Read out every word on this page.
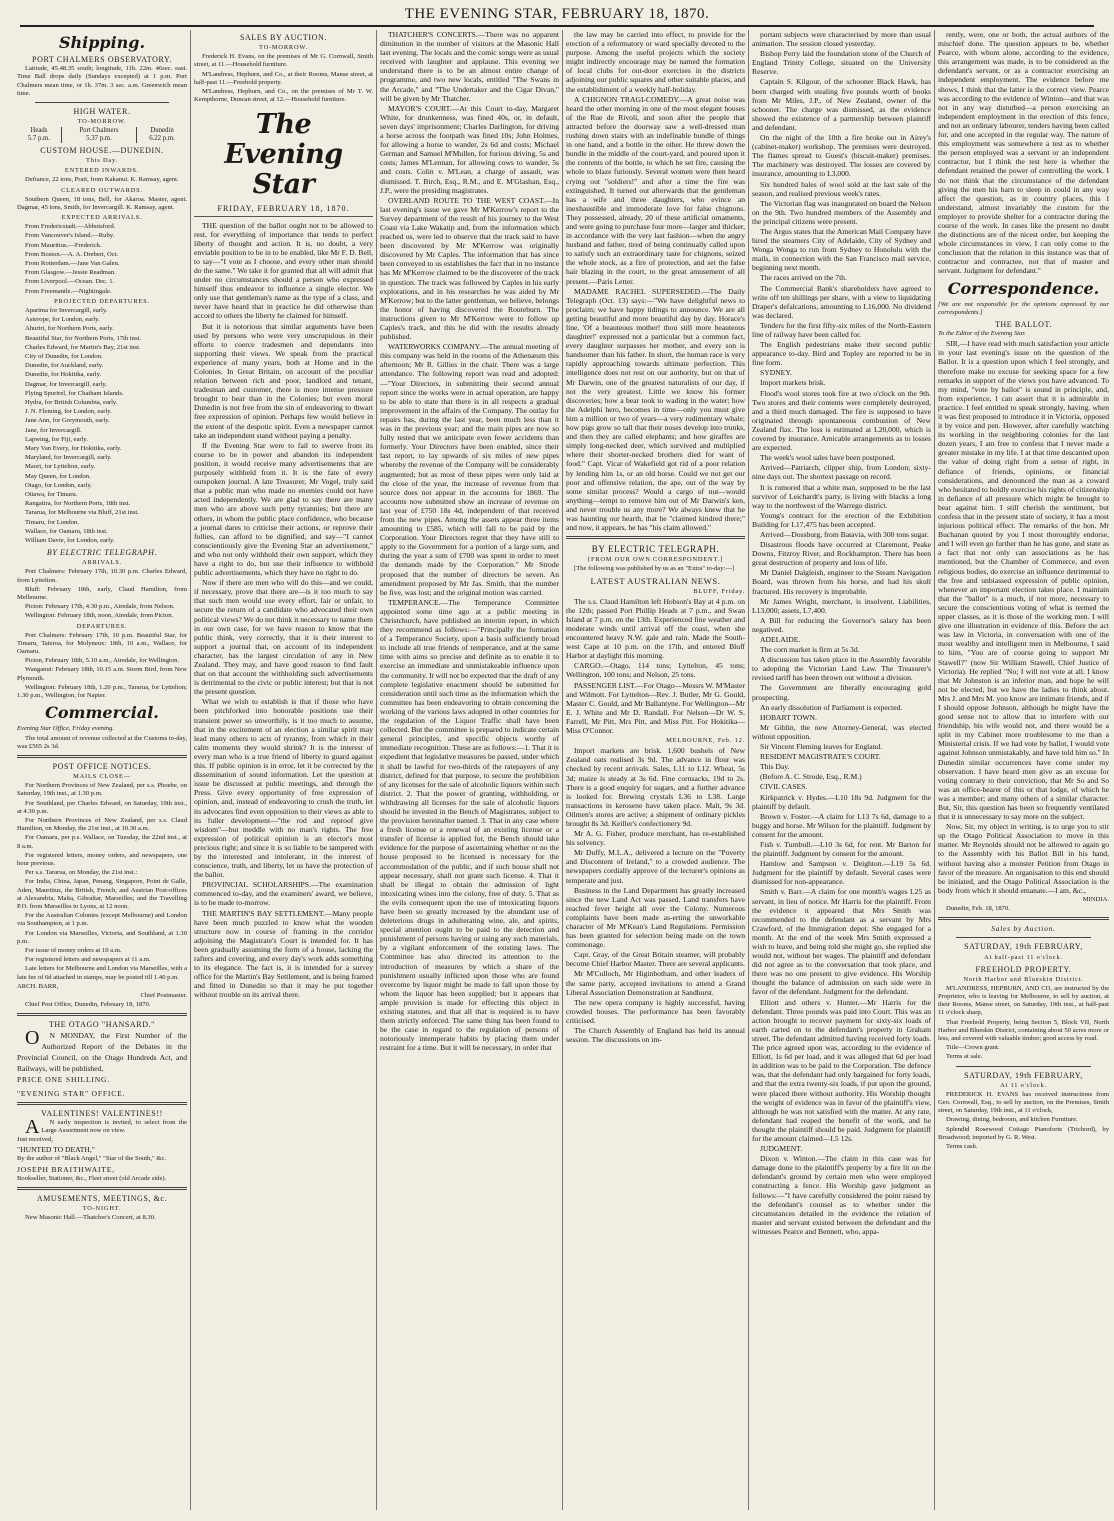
THE EVENING STAR, FEBRUARY 18, 1870.
Shipping.
PORT CHALMERS OBSERVATORY.

Latitude, 45.48.35 south; longitude, 11h. 22m. 46sec. east. Time Ball drops daily (Sundays excepted) at 1 p.m. Port Chalmers mean time, or 1h. 37m. 3 sec. a.m. Greenwich mean time.

HIGH WATER.
TO-MORROW.
Heads	Port Chalmers	Dunedin
5.7 p.m.	5.37 p.m.	6.22 p.m.
CUSTOM HOUSE.—DUNEDIN.
This Day.
ENTERED INWARDS.

Defiance, 22 tons, Pratt, from Kakanui. K. Ramsay, agent.

CLEARED OUTWARDS.

Southern Queen, 18 tons, Bell, for Akaroa. Master, agent. Dagmar, 45 tons, Smith, for Invercargill. K. Ramsay, agent.

EXPECTED ARRIVALS.

From Fredericstadt.—Abbotsford.

From Vancouver's Island.—Ruby.

From Mauritius.—Frederick.

From Boston.—A. A. Drebert, Oct.

From Rotterdam.—Jane Van Galen.

From Glasgow.—Jessie Readman.

From Liverpool.—Ocean. Dec. 1.

From Freemantle.—Nightingale.

PROJECTED DEPARTURES.

Aparima for Invercargill, early.

Asterope, for London, early.

Ahuriri, for Northern Ports, early.

Beautiful Star, for Northern Ports, 17th inst.

Charles Edward, for Martin's Bay, 21st inst.

City of Dunedin, for London.

Dunedin, for Auckland, early.

Dunedin, for Hokitika, early.

Dagmar, for Invercargill, early.

Flying Spurirel, for Chatham Islands.

Hydra, for British Columbia, early.

J. N. Fleming, for London, early.

Jane Ann, for Greymouth, early.

Jane, for Invercargill.

Lapwing, for Fiji, early.

Mary Van Every, for Hokitika, early.

Maryland, for Invercargill, early.

Maori, for Lyttelton, early.

May Queen, for London.

Otago, for London, early.

Ottawa, for Timaru.

Rangatira, for Northern Ports, 18th inst.

Tararua, for Melbourne via Bluff, 21st inst.

Timaru, for London.

Wallace, for Oamaru, 18th inst.

William Davie, for London, early.

BY ELECTRIC TELEGRAPH.
ARRIVALS.

Port Chalmers: February 17th, 10.30 p.m. Charles Edward, from Lyttelton.

Bluff: February 18th, early, Claud Hamilton, from Melbourne.

Picton: February 17th, 4.30 p.m., Airedale, from Nelson.

Wellington: February 18th, noon, Airedale, from Picton.

DEPARTURES.

Port Chalmers: February 17th, 10 p.m. Beautiful Star, for Timaru, Taieroa, for Molyneux: 18th, 10 a.m., Wallace, for Oamaru.

Picton, February 18th, 5.10 a.m., Airedale, for Wellington.

Wanganui: February 18th, 10.15 a.m. Storm Bird, from New Plymouth.

Wellington: February 18th, 1.20 p.m., Tararua, for Lyttelton; 1.30 p.m., Wellington, for Napier.

Commercial.

Evening Star Office, Friday evening.

The total amount of revenue collected at the Customs to-day, was £565 2s 3d.

POST OFFICE NOTICES.
MAILS CLOSE—

For Northern Provinces of New Zealand, per s.s. Phoebe, on Saturday, 19th inst., at 1.30 p.m.

For Southland, per Charles Edward, on Saturday, 19th inst., at 4.30 p.m.

For Northern Provinces of New Zealand, per s.s. Claud Hamilton, on Monday, the 21st inst., at 10.30 a.m.

For Oamaru, per p.s. Wallace, on Tuesday, the 22nd inst., at 8 a.m.

For registered letters, money orders, and newspapers, one hour previous.

Per s.s. Tararua, on Monday, the 21st inst.:

For India, China, Japan, Penang, Singapore, Point de Galle, Aden, Mauritius, the British, French, and Austrian Post-offices at Alexandria, Malta, Gibraltar, Marseilles; and the Travelling P.O. from Marseilles to Lyons, at 12 noon.

For the Australian Colonies (except Melbourne) and London via Southampton, at 1 p.m.

For London via Marseilles, Victoria, and Southland, at 1.30 p.m.

For issue of money orders at 10 a.m.

For registered letters and newspapers at 11 a.m.

Late letters for Melbourne and London via Marseilles, with a late fee of 6d attached in stamps, may be posted till 1.40 p.m.

ARCH. BARR,

Chief Postmaster.

Chief Post Office, Dunedin, February 18, 1870.

THE OTAGO "HANSARD."

ON MONDAY, the First Number of the Authorized Report of the Debates in the Provincial Council, on the Otago Hundreds Act, and Railways, will be published,

PRICE ONE SHILLING.

"EVENING STAR" OFFICE.

VALENTINES! VALENTINES!!

AN early inspection is invited, to select from the Large Assortment now on view.

Just received,

"HUNTED TO DEATH,"

By the author of "Black Angel," "Star of the South," &c.

JOSEPH BRAITHWAITE,

Bookseller, Stationer, &c., Fleet street (old Arcade side).

AMUSEMENTS, MEETINGS, &c.
TO-NIGHT.

New Masonic Hall.—Thatcher's Concert, at 8.30.

SALES BY AUCTION.
TO-MORROW.

Frederick H. Evans, on the premises of Mr G. Cornwall, Smith street, at 11.—Household furniture.

M'Landress, Hepburn, and Co., at their Rooms, Manse street, at half-past 11.—Freehold property.

M'Landress, Hepburn, and Co., on the premises of Mr T. W. Kempthorne, Duncan street, at 12.—Household furniture.

The Evening Star
FRIDAY, FEBRUARY 18, 1870.

THE question of the ballot ought not to be allowed to rest, for everything of importance that tends to perfect liberty of thought and action. It is, no doubt, a very enviable position to be in to be enabled, like Mr F. D. Bell, to say—"I vote as I choose, and every other man should do the same." We take it for granted that all will admit that under no circumstances should a person who expressed himself thus endeavor to influence a single elector. We only use that gentleman's name as the type of a class, and never have heard that in practice he did otherwise than accord to others the liberty he claimed for himself.

But it is notorious that similar arguments have been used by persons who were very unscrupulous in their efforts to coerce tradesmen and dependants into supporting their views. We speak from the practical experience of many years, both at Home and in the Colonies. In Great Britain, on account of the peculiar relation between rich and poor, landlord and tenant, tradesman and customer, there is more intense pressure brought to bear than in the Colonies; but even moral Dunedin is not free from the sin of endeavoring to thwart free expression of opinion. Perhaps few would believe in the extent of the despotic spirit. Even a newspaper cannot take an independent stand without paying a penalty.

If the Evening Star were to fail to swerve from its course to be in power and abandon its independent position, it would receive many advertisements that are purposely withheld from it. It is the fate of every outspoken journal. A late Treasurer, Mr Vogel, truly said that a public man who made no enemies could not have acted independently. We are glad to say there are many men who are above such petty tyrannies; but there are others, in whom the public place confidence, who because a journal dares to criticise their actions, or reprove their follies, can afford to be dignified, and say—"I cannot conscientiously give the Evening Star an advertisement," and who not only withhold their own support, which they have a right to do, but use their influence to withhold public advertisements, which they have no right to do.

Now if there are men who will do this—and we could, if necessary, prove that there are—is it too much to say that such men would use every effort, fair or unfair, to secure the return of a candidate who advocated their own political views? We do not think it necessary to name them in our own case, for we have reason to know that the public think, very correctly, that it is their interest to support a journal that, on account of its independent character, has the largest circulation of any in New Zealand. They may, and have good reason to find fault that on that account the withholding such advertisements is detrimental to the civic or public interest; but that is not the present question.

What we wish to establish is that if those who have been pitchforked into honorable positions use their transient power so unworthily, is it too much to assume, that in the excitement of an election a similar spirit may lead many others to acts of tyranny, from which in their calm moments they would shrink? It is the interest of every man who is a true friend of liberty to guard against this. If public opinion is in error, let it be corrected by the dissemination of sound information. Let the question at issue be discussed at public meetings, and through the Press. Give every opportunity of free expression of opinion, and, instead of endeavoring to crush the truth, let its advocates find even opposition to their views as able to its fuller development—"the rod and reproof give wisdom"—but meddle with no man's rights. The free expression of political opinion is an elector's most precious right; and since it is so liable to be tampered with by the interested and intolerant, in the interest of conscience, truth, and liberty, let us have the protection of the ballot.

PROVINCIAL SCHOLARSHIPS.—The examination commenced to-day, and the examiners' award, we believe, is to be made to-morrow.

THE MARTIN'S BAY SETTLEMENT.—Many people have been much puzzled to know what the wooden structure now in course of framing in the corridor adjoining the Magistrate's Court is intended for. It has been gradually assuming the form of a house, lacking the rafters and covering, and every day's work adds something to its elegance. The fact is, it is intended for a survey office for the Martin's Bay Settlement, and is being framed and fitted in Dunedin so that it may be put together without trouble on its arrival there.

THATCHER'S CONCERTS.—There was no apparent diminution in the number of visitors at the Masonic Hall last evening. The locals and the comic songs were as usual received with laughter and applause. This evening we understand there is to be an almost entire change of programme, and two new locals, entitled "The Swans in the Arcade," and "The Undertaker and the Cigar Divan," will be given by Mr Thatcher.

MAYOR'S COURT.—At this Court to-day, Margaret White, for drunkenness, was fined 40s, or, in default, seven days' imprisonment; Charles Darlington, for driving a horse across the footpath was fined 10s; John Holmes, for allowing a horse to wander, 2s 6d and costs; Michael German and Samuel M'Mullen, for furious driving, 5s and costs; James M'Lennan, for allowing cows to wander, 5s and costs. Colin v. M'Lean, a charge of assault, was dismissed. T. Birch, Esq., R.M., and E. M'Glashan, Esq., J.P., were the presiding magistrates.

OVERLAND ROUTE TO THE WEST COAST.—In last evening's issue we gave Mr M'Kerrow's report to the Survey department of the result of his journey to the West Coast via Lake Wakatip and, from the information which reached us, were led to observe that the track said to have been discovered by Mr M'Kerrow was originally discovered by Mr Caples. The information that has since been conveyed to us establishes the fact that in no instance has Mr M'Kerrow claimed to be the discoverer of the track in question. The track was followed by Caples in his early explorations, and in his researches he was aided by Mr M'Kerrow; but to the latter gentleman, we believe, belongs the honor of having discovered the Routeburn. The instructions given to Mr M'Kerrow were to follow up Caples's track, and this he did with the results already published.

WATERWORKS COMPANY.—The annual meeting of this company was held in the rooms of the Athenæum this afternoon; Mr R. Gillies in the chair. There was a large attendance. The following report was read and adopted:—"Your Directors, in submitting their second annual report since the works were in actual operation, are happy to be able to state that there is in all respects a gradual improvement in the affairs of the Company. The outlay for repairs has, during the last year, been much less than it was in the previous year; and the main pipes are now so fully tested that we anticipate even fewer accidents than formerly. Your Directors have been enabled, since their last report, to lay upwards of six miles of new pipes whereby the revenue of the Company will be considerably augmented; but as most of these pipes were only laid at the close of the year, the increase of revenue from that source does not appear in the accounts for 1869. The accounts now submitted show an increase of revenue on last year of £750 18s 4d, independent of that received from the new pipes. Among the assets appear three items amounting to £585, which will fall to be paid by the Corporation. Your Directors regret that they have still to apply to the Government for a portion of a large sum, and during the year a sum of £700 was spent in order to meet the demands made by the Corporation." Mr Strode proposed that the number of directors be seven. An amendment proposed by Mr Jas. Smith, that the number be five, was lost; and the original motion was carried.

TEMPERANCE.—The Temperance Committee appointed some time ago at a public meeting in Christchurch, have published an interim report, in which they recommend as follows:—"Principally the formation of a Temperance Society, upon a basis sufficiently broad to include all true friends of temperance, and at the same time with aims so precise and definite as to enable it to exercise an immediate and unmistakeable influence upon the community. It will not be expected that the draft of any complete legislative enactment should be submitted for consideration until such time as the information which the committee has been endeavoring to obtain concerning the working of the various laws adopted in other countries for the regulation of the Liquor Traffic shall have been collected. But the committee is prepared to indicate certain general principles, and specific objects worthy of immediate recognition. These are as follows:—1. That it is expedient that legislative measures be passed, under which it shall be lawful for two-thirds of the ratepayers of any district, defined for that purpose, to secure the prohibition of any licenses for the sale of alcoholic liquors within such district. 2. That the power of granting, withholding, or withdrawing all licenses for the sale of alcoholic liquors should be invested in the Bench of Magistrates, subject to the provision hereinafter named. 3. That in any case where a fresh license or a renewal of an existing license or a transfer of license is applied for, the Bench should take evidence for the purpose of ascertaining whether or no the house proposed to be licensed is necessary for the accommodation of the public, and if such house shall not appear necessary, shall not grant such license. 4. That it shall be illegal to obtain the admission of light intoxicating wines into the colony, free of duty. 5. That as the evils consequent upon the use of intoxicating liquors have been so greatly increased by the abundant use of deleterious drugs in adulterating wine, ale, and spirits, special attention ought to be paid to the detection and punishment of persons having or using any such materials, by a vigilant enforcement of the existing laws. The Committee has also directed its attention to the introduction of measures by which a share of the punishment usually inflicted upon those who are found overcome by liquor might be made to fall upon those by whom the liquor has been supplied; but it appears that ample provision is made for effecting this object in existing statutes, and that all that is required is to have them strictly enforced. The same thing has been found to be the case in regard to the regulation of persons of notoriously intemperate habits by placing them under restraint for a time. But it will be necessary, in order that

the law may be carried into effect, to provide for the erection of a reformatory or ward specially devoted to the purpose. Among the useful projects which the society might indirectly encourage may be named the formation of local clubs for out-door exercises in the districts adjoining our public squares and other suitable places, and the establishment of a weekly half-holiday.

A CHIGNON TRAGI-COMEDY.—A great noise was heard the other morning in one of the most elegant houses of the Rue de Rivoli, and soon after the people that attracted before the doorway saw a well-dressed man rushing down stairs with an indefinable bundle of things in one hand, and a bottle in the other. He threw down the bundle in the middle of the court-yard, and poured upon it the contents of the bottle, to which he set fire, causing the whole to blaze furiously. Several women were then heard crying out "soldiers!" and after a time the fire was extinguished. It turned out afterwards that the gentleman has a wife and three daughters, who evince an inexhaustible and immoderate love for false chignons. They possessed, already, 20 of these artificial ornaments, and were going to purchase four more—larger and thicker, in accordance with the very last fashion—when the angry husband and father, tired of being continually called upon to satisfy such an extraordinary taste for chignons, seized the whole stock, as a fire of protection, and set the false hair blazing in the court, to the great amusement of all present.—Paris Letter.

MADAME RACHEL SUPERSEDED.—The Daily Telegraph (Oct. 13) says:—"We have delightful news to proclaim; we have happy tidings to announce. We are all getting beautiful and more beautiful day by day. Horace's line, 'Of a beauteous mother! thou still more beauteous daughter!' expressed not a particular but a common fact, every daughter surpasses her mother, and every son is handsomer than his father. In short, the human race is very rapidly approaching towards ultimate perfection. This intelligence does not rest on our authority, but on that of Mr Darwin, one of the greatest naturalists of our day, if not the very greatest. Little we know his former discoveries; how a bear took to wading in the water; how the Adelphi hero, becomes in time—only you must give him a million or two of years—a very rudimentary whale; how pigs grow so tall that their noses develop into trunks, and then they are called elephants; and how giraffes are simply long-necked deer, which survived and multiplied where their shorter-necked brothers died for want of food." Capt. Vicar of Wakefield got rid of a poor relation by lending him 1s, or an old horse. Could we not get our poor and offensive relation, the ape, out of the way by some similar process? Would a cargo of nut—would anything—tempt to remove him out of Mr Darwin's ken, and never trouble us any more? We always knew that he was haunting our hearth, that he "claimed kindred there;" and now, it appears, he has "his claim allowed."

BY ELECTRIC TELEGRAPH.
[FROM OUR OWN CORRESPONDENT.]

[The following was published by us as an "Extra" to-day:—]

LATEST AUSTRALIAN NEWS.
BLUFF, Friday.

The s.s. Claud Hamilton left Hobson's Bay at 4 p.m. on the 12th; passed Port Phillip Heads at 7 p.m., and Swan Island at 7 p.m. on the 13th. Experienced fine weather and moderate winds until arrival off the coast, when she encountered heavy N.W. gale and rain. Made the South-west Cape at 10 p.m. on the 17th, and entered Bluff Harbor at daylight this morning.

CARGO.—Otago, 114 tons; Lyttelton, 45 tons; Wellington, 100 tons; and Nelson, 25 tons.

PASSENGER LIST.—For Otago—Messrs W. M'Master and Wilmott. For Lyttelton—Rev. J. Butler, Mr G. Gould, Master C. Gould, and Mr Ballantyne. For Wellington—Mr E. J. White and Mr D. Randall. For Nelson—Dr W. S. Farrell, Mr Pitt, Mrs Pitt, and Miss Pitt. For Hokitika—Miss O'Connor.

MELBOURNE, Feb. 12.

Import markets are brisk. 1,600 bushels of New Zealand oats realised 3s 9d. The advance in flour was checked by recent arrivals. Sales, L11 to L12. Wheat, 5s 3d; maize is steady at 3s 6d. Fine cornsacks, 19d to 2s. There is a good enquiry for sugars, and a further advance is looked for. Brewing crystals L36 to L38. Large transactions in kerosene have taken place. Malt, 9s 3d. Oilmen's stores are active; a shipment of ordinary pickles brought 8s 3d. Keiller's confectionery 9d.

Mr A. G. Fisher, produce merchant, has re-established his solvency.

Mr Duffy, M.L.A., delivered a lecture on the "Poverty and Discontent of Ireland," to a crowded audience. The newspapers cordially approve of the lecturer's opinions as temperate and just.

Business in the Land Department has greatly increased since the new Land Act was passed. Land transfers have reached fever height all over the Colony. Numerous complaints have been made as-erting the unworkable character of Mr M'Kean's Land Regulations. Permission has been granted for selection being made on the town commonage.

Capt. Gray, of the Great Britain steamer, will probably become Chief Harbor Master. There are several applicants.

Mr M'Culloch, Mr Higinbotham, and other leaders of the same party, accepted invitations to attend a Grand Liberal Association Demonstration at Sandhurst.

The new opera company is highly successful, having crowded houses. The performance has been favorably criticised.

The Church Assembly of England has held its annual session. The discussions on im-

portant subjects were characterised by more than usual animation. The session closed yesterday.

Bishop Perry laid the foundation stone of the Church of England Trinity College, situated on the University Reserve.

Captain S. Kilgour, of the schooner Black Hawk, has been charged with stealing five pounds worth of books from Mr Miles, J.P., of New Zealand, owner of the schooner. The charge was dismissed, as the evidence showed the existence of a partnership between plaintiff and defendant.

On the night of the 10th a fire broke out in Airey's (cabinet-maker) workshop. The premises were destroyed. The flames spread to Guest's (biscuit-maker) premises. The machinery was destroyed. The losses are covered by insurance, amounting to L3,000.

Six hundred bales of wool sold at the last sale of the season, and realised previous week's rates.

The Victorian flag was inaugurated on board the Nelson on the 9th. Two hundred members of the Assembly and the principal citizens were present.

The Argus states that the American Mail Company have hired the steamers City of Adelaide, City of Sydney and Wonga Wonga to run from Sydney to Honolulu with the mails, in connection with the San Francisco mail service, beginning next month.

The races arrived on the 7th.

The Commercial Bank's shareholders have agreed to write off ten shillings per share, with a view to liquidating Draper's defalcations, amounting to L16,000. No dividend was declared.

Tenders for the first fifty-six miles of the North-Eastern line of railway have been called for.

The English pedestrians make their second public appearance to-day. Bird and Topley are reported to be in fine form.

SYDNEY.

Import markets brisk.

Flood's wool stores took fire at two o'clock on the 9th. Two stores and their contents were completely destroyed, and a third much damaged. The fire is supposed to have originated through spontaneous combustion of New Zealand flax. The loss is estimated at L20,000, which is covered by insurance. Amicable arrangements as to losses are expected.

The week's wool sales have been postponed.

Arrived—Patriarch, clipper ship, from London; sixty-nine days out. The shortest passage on record.

It is rumored that a white man, supposed to be the last survivor of Leichardt's party, is living with blacks a long way to the northwest of the Warrego district.

Young's contract for the erection of the Exhibition Building for L17,475 has been accepted.

Arrived—Dossburg, from Batavia, with 300 tons sugar.

Disastrous floods have occurred at Claremont, Peake Downs, Fitzroy River, and Rockhampton. There has been great destruction of property and loss of life.

Mr Daniel Dalgleish, engineer to the Steam Navigation Board, was thrown from his horse, and had his skull fractured. His recovery is improbable.

Mr James Wright, merchant, is insolvent. Liabilities, L13,000; assets, L7,400.

A Bill for reducing the Governor's salary has been negatived.

ADELAIDE.

The corn market is firm at 5s 3d.

A discussion has taken place in the Assembly favorable to adopting the Victorian Land Law. The Treasurer's revised tariff has been thrown out without a division.

The Government are liberally encouraging gold prospecting.

An early dissolution of Parliament is expected.

HOBART TOWN.

Mr Giblin, the new Attorney-General, was elected without opposition.

Sir Vincent Fleming leaves for England.

RESIDENT MAGISTRATE'S COURT.

This Day.

(Before A. C. Strode, Esq., R.M.)

CIVIL CASES.

Kirkpatrick v. Hydes.—L10 18s 9d. Judgment for the plaintiff by default.

Brown v. Foster.—A claim for L13 7s 6d, damage to a buggy and horse. Mr Wilson for the plaintiff. Judgment by consent for the amount.

Fish v. Turnbull.—L10 3s 6d, for rent. Mr Barton for the plaintiff. Judgment by consent for the amount.

Hamlow and Sampson v. Deighton.—L19 5s 6d. Judgment for the plaintiff by default. Several cases were dismissed for non-appearance.

Smith v. Barr.—A claim for one month's wages L25 as servant, in lieu of notice. Mr Harris for the plaintiff. From the evidence it appeared that Mrs Smith was recommended to the defendant as a servant by Mrs Crawford, of the Immigration depot. She engaged for a month. At the end of the week Mrs Smith expressed a wish to leave, and being told she might go, she replied she would not, without her wages. The plaintiff and defendant did not agree as to the conversation that took place, and there was no one present to give evidence. His Worship thought the balance of admission on each side were in favor of the defendant. Judgment for the defendant.

Elliott and others v. Hunter.—Mr Harris for the defendant. Three pounds was paid into Court. This was an action brought to recover payment for sixty-six loads of earth carted on to the defendant's property in Graham street. The defendant admitted having received forty loads. The price agreed upon was, according to the evidence of Elliott, 1s 6d per load, and it was alleged that 6d per load in addition was to be paid to the Corporation. The defence was, that the defendant had only bargained for forty loads, and that the extra twenty-six loads, if put upon the ground, were placed there without authority. His Worship thought the weight of evidence was in favor of the plaintiff's view, although he was not satisfied with the matter. At any rate, defendant had reaped the benefit of the work, and he thought the plaintiff should be paid. Judgment for plaintiff for the amount claimed—L5 12s.

JUDGMENT.

Dixon v. Winton.—The claim in this case was for damage done to the plaintiff's property by a fire lit on the defendant's ground by certain men who were employed constructing a fence. His Worship gave judgment as follows:—"I have carefully considered the point raised by the defendant's counsel as to whether under the circumstances detailed in the evidence the relation of master and servant existed between the defendant and the witnesses Pearce and Bennett, who, appa-

rently, were, one or both, the actual authors of the mischief done. The question appears to be, whether Pearce, with whom alone, according to the evidence, this arrangement was made, is to be considered as the defendant's servant, or as a contractor exercising an independent employment. The evidence before me shows, I think that the latter is the correct view. Pearce was according to the evidence of Winton—and that was not in any way disturbed—a person exercising an independent employment in the erection of this fence, and not an ordinary labourer, tenders having been called for, and one accepted in the regular way. The nature of this employment was somewhere a test as to whether the person employed was a servant or an independent contractor, but I think the test here is whether the defendant retained the power of controlling the work. I do not think that the circumstance of the defendant giving the men his barn to sleep in could in any way affect the question, as in country places, this I understand, almost invariably the custom for the employer to provide shelter for a contractor during the course of the work. In cases like the present no doubt the distinctions are of the nicest order, but keeping the whole circumstances in view, I can only come to the conclusion that the relation in this instance was that of contractor and contractee, not that of master and servant. Judgment for defendant."

Correspondence.

[We are not responsible for the opinions expressed by our correspondents.]

THE BALLOT.

To the Editor of the Evening Star.

SIR,—I have read with much satisfaction your article in your last evening's issue on the question of the Ballot. It is a question upon which I feel strongly, and therefore make no excuse for seeking space for a few remarks in support of the views you have advanced. To my mind, "vote by ballot" is sound in principle, and, from experience, I can assert that it is admirable in practice. I feel entitled to speak strongly, having, when it was first proposed to introduce it in Victoria, opposed it by voice and pen. However, after carefully watching its working in the neighboring colonies for the last dozen years, I am free to confess that I never made a greater mistake in my life. I at that time descanted upon the value of doing right from a sense of right, in defiance of friends, opinions, or financial considerations, and denounced the man as a coward who hesitated to boldly exercise his rights of citizenship in defiance of all pressure which might be brought to bear against him. I still cherish the sentiment, but confess that in the present state of society, it has a most injurious political effect. The remarks of the hon. Mr Buchanan quoted by you I most thoroughly endorse, and I will even go further than he has gone, and state as a fact that not only can associations as he has mentioned, but the Chamber of Commerce, and even religious bodies, do exercise an influence detrimental to the free and unbiassed expression of public opinion, whenever an important election takes place. I maintain that the "ballot" is a much, if not more, necessary to secure the conscientious voting of what is termed the upper classes, as it is those of the working men. I will give one illustration in evidence of this. Before the act was law in Victoria, in conversation with one of the most wealthy and intelligent men in Melbourne, I said to him, "You are of course going to support Mr Stawell?" (now Sir William Stawell, Chief Justice of Victoria). He replied "No; I will not vote at all. I know that Mr Johnston is an inferior man, and hope he will not be elected, but we have the ladies to think about. Mrs J. and Mrs M. you know are intimate friends, and if I should oppose Johnson, although he might have the good sense not to allow that to interfere with our friendship, his wife would not, and there would be a split in my Cabinet more troublesome to me than a Ministerial crisis. If we had vote by ballot, I would vote against Johnson unmistakably, and have told him so." In Dunedin similar occurrences have come under my observation. I have heard men give as an excuse for voting contrary to their conviction, that Mr So and So was an office-bearer of this or that lodge, of which he was a member; and many others of a similar character. But, Sir, this question has been so frequently ventilated that it is unnecessary to say more on the subject.

Now, Sir, my object in writing, is to urge you to stir up the Otago Political Association to move in this matter. Mr Reynolds should not be allowed to again go to the Assembly with his Ballot Bill in his hand, without having also a monster Petition from Otago in favor of the measure. An organisation to this end should be initiated, and the Otago Political Association is the body from which it should emanate.—I am, &c.,

MINDIA.

Dunedin, Feb. 18, 1870.

Sales by Auction.
SATURDAY, 19th FEBRUARY,
At half-past 11 o'clock.
FREEHOLD PROPERTY.
North Harbor and Blueskin District.

M'LANDRESS, HEPBURN, AND CO, are instructed by the Proprietor, who is leaving for Melbourne, to sell by auction, at their Rooms, Manse street, on Saturday, 19th inst., at half-past 11 o'clock sharp,

That Freehold Property, being Section 5, Block VII, North Harbor and Blueskin District, containing about 50 acres more or less, and covered with valuable timber; good access by road.

Title—Crown grant.

Terms at sale.

SATURDAY, 19th FEBRUARY,
At 11 o'clock.

FREDERICK H. EVANS has received instructions from Geo. Cornwall, Esq., to sell by auction, on the Premises, Smith street, on Saturday, 19th inst., at 11 o'clock,

Drawing, dining, bedroom, and kitchen Furniture.

Splendid Rosewood Cottage Pianoforte (Trichord), by Broadwood; imported by G. R. West.

Terms cash.
